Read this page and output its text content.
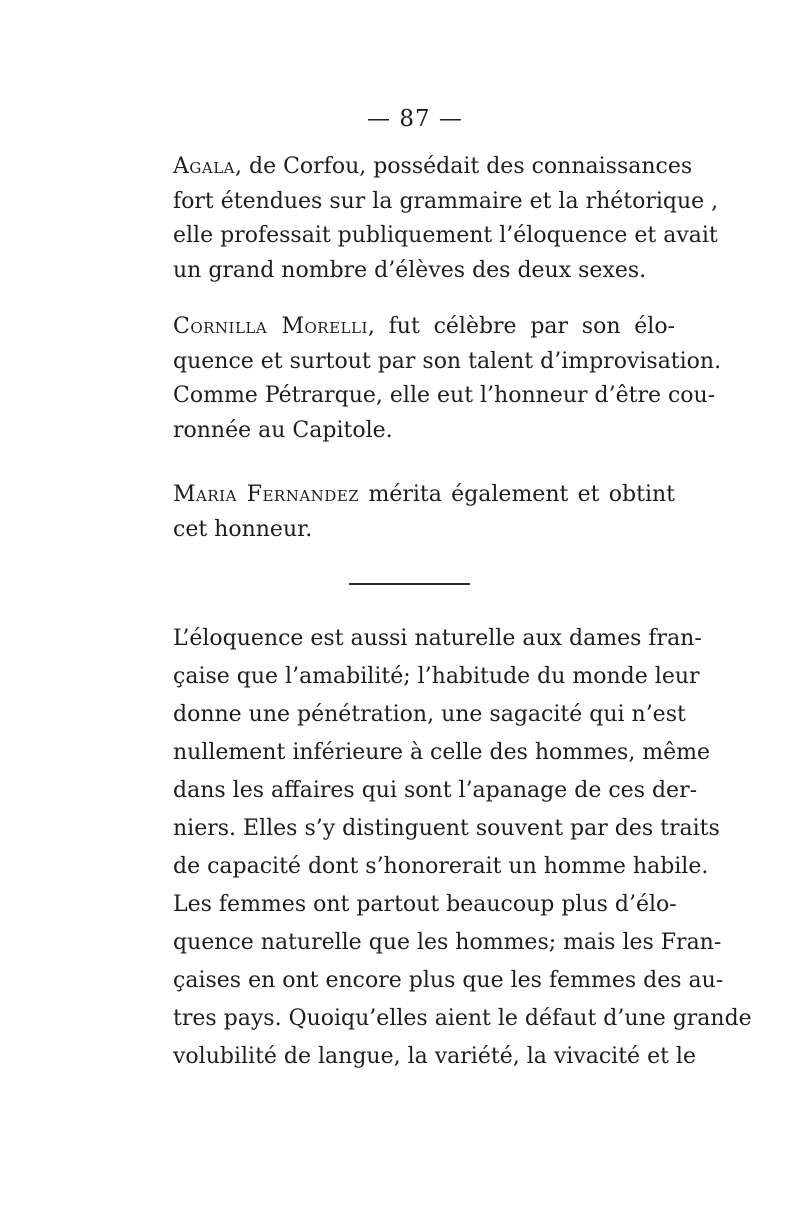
— 87 —
Agala, de Corfou, possédait des connaissances
fort étendues sur la grammaire et la rhétorique ,
elle professait publiquement l’éloquence et avait
un grand nombre d’élèves des deux sexes.
Cornilla Morelli, fut célèbre par son élo-
quence et surtout par son talent d’improvisation.
Comme Pétrarque, elle eut l’honneur d’être cou-
ronnée au Capitole.
Maria Fernandez mérita également et obtint
cet honneur.
L’éloquence est aussi naturelle aux dames fran-
çaise que l’amabilité; l’habitude du monde leur
donne une pénétration, une sagacité qui n’est
nullement inférieure à celle des hommes, même
dans les affaires qui sont l’apanage de ces der-
niers. Elles s’y distinguent souvent par des traits
de capacité dont s’honorerait un homme habile.
Les femmes ont partout beaucoup plus d’élo-
quence naturelle que les hommes; mais les Fran-
çaises en ont encore plus que les femmes des au-
tres pays. Quoiqu’elles aient le défaut d’une grande
volubilité de langue, la variété, la vivacité et le
